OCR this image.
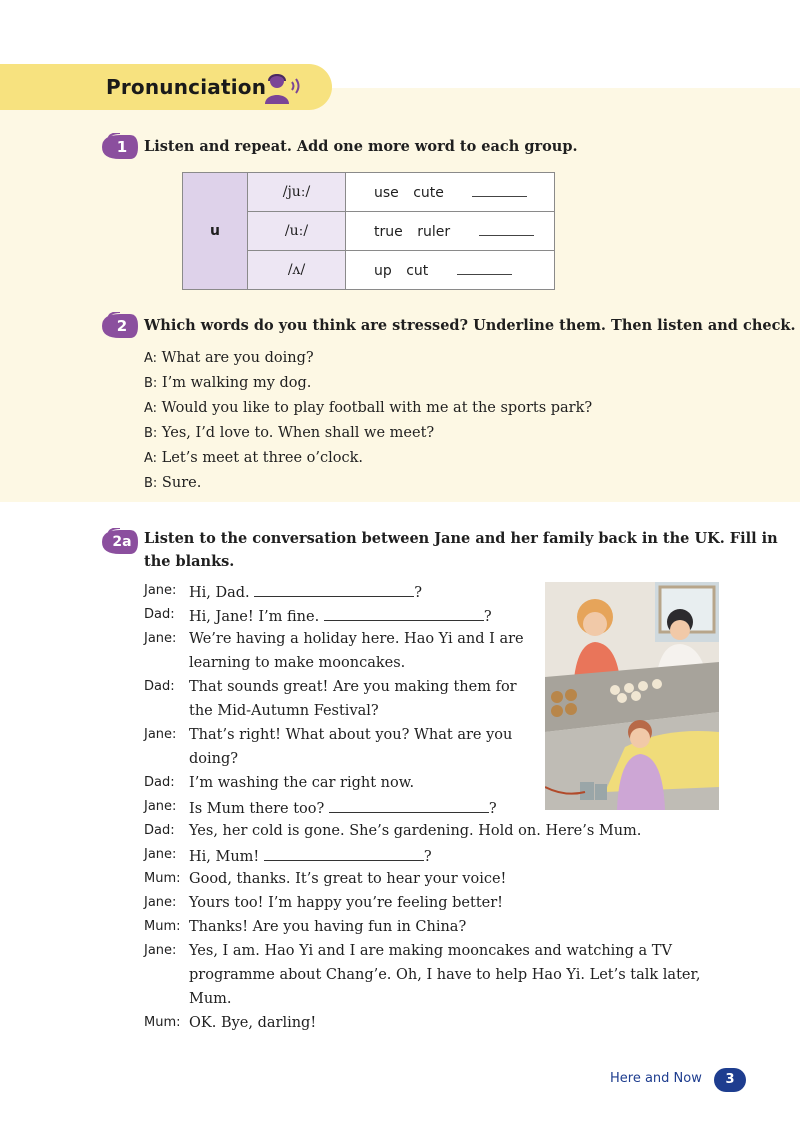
Pronunciation
1	Listen and repeat. Add one more word to each group.
u	/juː/	use cute
	/uː/	true ruler
	/ʌ/	up cut
2	Which words do you think are stressed? Underline them. Then listen and check.
A: What are you doing?
B: I’m walking my dog.
A: Would you like to play football with me at the sports park?
B: Yes, I’d love to. When shall we meet?
A: Let’s meet at three o’clock.
B: Sure.
2a Listen to the conversation between Jane and her family back in the UK. Fill in
the blanks.
Jane: Hi, Dad.	?
Dad: Hi, Jane! I’m fine.	?
Jane: We’re having a holiday here. Hao Yi and I are
learning to make mooncakes.
Dad: That sounds great! Are you making them for
the Mid-Autumn Festival?
Jane: That’s right! What about you? What are you
doing?
Dad: I’m washing the car right now.
Jane: Is Mum there too?	?
Dad: Yes, her cold is gone. She’s gardening. Hold on. Here’s Mum.
Jane: Hi, Mum!	?
Mum: Good, thanks. It’s great to hear your voice!
Jane: Yours too! I’m happy you’re feeling better!
Mum: Thanks! Are you having fun in China?
Jane: Yes, I am. Hao Yi and I are making mooncakes and watching a TV
programme about Chang’e. Oh, I have to help Hao Yi. Let’s talk later,
Mum.
Mum: OK. Bye, darling!
Here and Now	3
